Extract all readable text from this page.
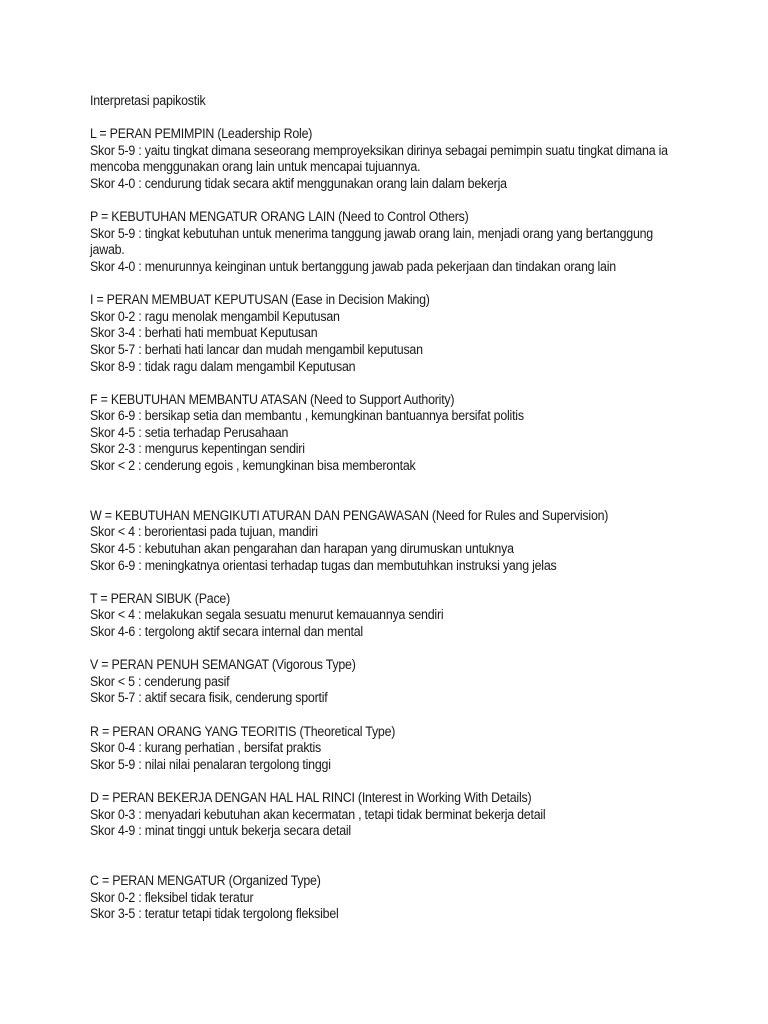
Interpretasi papikostik
L = PERAN PEMIMPIN (Leadership Role)
Skor 5-9 : yaitu tingkat dimana seseorang memproyeksikan dirinya sebagai pemimpin suatu tingkat dimana ia mencoba menggunakan orang lain untuk mencapai tujuannya.
Skor 4-0 : cendurung tidak secara aktif menggunakan orang lain dalam bekerja
P = KEBUTUHAN MENGATUR ORANG LAIN (Need to Control Others)
Skor 5-9 : tingkat kebutuhan untuk menerima tanggung jawab orang lain, menjadi orang yang bertanggung jawab.
Skor 4-0 : menurunnya keinginan untuk bertanggung jawab pada pekerjaan dan tindakan orang lain
I = PERAN MEMBUAT KEPUTUSAN (Ease in Decision Making)
Skor 0-2 : ragu menolak mengambil Keputusan
Skor 3-4 : berhati hati membuat Keputusan
Skor 5-7 : berhati hati lancar dan mudah mengambil keputusan
Skor 8-9 : tidak ragu dalam mengambil Keputusan
F = KEBUTUHAN MEMBANTU ATASAN (Need to Support Authority)
Skor 6-9 : bersikap setia dan membantu , kemungkinan bantuannya bersifat politis
Skor 4-5 : setia terhadap Perusahaan
Skor 2-3 : mengurus kepentingan sendiri
Skor < 2 : cenderung egois , kemungkinan bisa memberontak
W = KEBUTUHAN MENGIKUTI ATURAN DAN PENGAWASAN (Need for Rules and Supervision)
Skor < 4 : berorientasi pada tujuan, mandiri
Skor 4-5 : kebutuhan akan pengarahan dan harapan yang dirumuskan untuknya
Skor 6-9 : meningkatnya orientasi terhadap tugas dan membutuhkan instruksi yang jelas
T = PERAN SIBUK (Pace)
Skor < 4 : melakukan segala sesuatu menurut kemauannya sendiri
Skor 4-6 : tergolong aktif secara internal dan mental
V = PERAN PENUH SEMANGAT (Vigorous Type)
Skor < 5 : cenderung pasif
Skor 5-7 : aktif secara fisik, cenderung sportif
R = PERAN ORANG YANG TEORITIS (Theoretical Type)
Skor 0-4 : kurang perhatian , bersifat praktis
Skor 5-9 : nilai nilai penalaran tergolong tinggi
D = PERAN BEKERJA DENGAN HAL HAL RINCI (Interest in Working With Details)
Skor 0-3 : menyadari kebutuhan akan kecermatan , tetapi tidak berminat bekerja detail
Skor 4-9 : minat tinggi untuk bekerja secara detail
C = PERAN MENGATUR (Organized Type)
Skor 0-2 : fleksibel tidak teratur
Skor 3-5 : teratur tetapi tidak tergolong fleksibel
